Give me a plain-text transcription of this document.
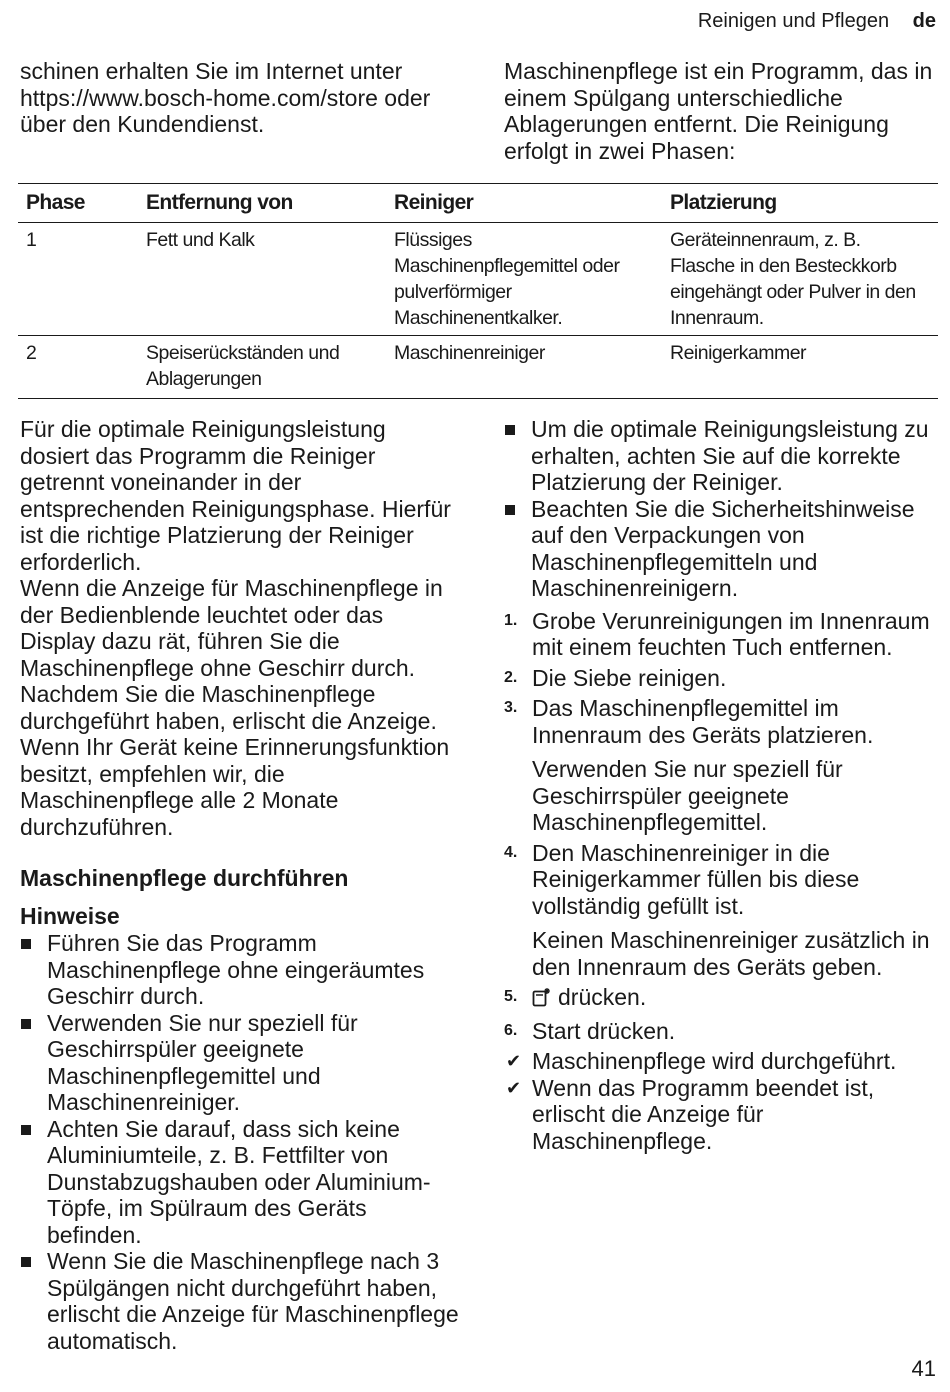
Reinigen und Pflegen de

schinen erhalten Sie im Internet unter https://www.bosch-home.com/store oder über den Kundendienst.

Maschinenpflege ist ein Programm, das in einem Spülgang unterschiedliche Ablagerungen entfernt. Die Reinigung erfolgt in zwei Phasen:

Phase	Entfernung von	Reiniger	Platzierung
1	Fett und Kalk	Flüssiges Maschinenpflegemittel oder pulverförmiger Maschinenentkalker.	Geräteinnenraum, z. B. Flasche in den Besteckkorb eingehängt oder Pulver in den Innenraum.
2	Speiserückständen und Ablagerungen	Maschinenreiniger	Reinigerkammer

Für die optimale Reinigungsleistung dosiert das Programm die Reiniger getrennt voneinander in der entsprechenden Reinigungsphase. Hierfür ist die richtige Platzierung der Reiniger erforderlich.

Wenn die Anzeige für Maschinenpflege in der Bedienblende leuchtet oder das Display dazu rät, führen Sie die Maschinenpflege ohne Geschirr durch. Nachdem Sie die Maschinenpflege durchgeführt haben, erlischt die Anzeige. Wenn Ihr Gerät keine Erinnerungsfunktion besitzt, empfehlen wir, die Maschinenpflege alle 2 Monate durchzuführen.

Maschinenpflege durchführen

Hinweise

Führen Sie das Programm Maschinenpflege ohne eingeräumtes Geschirr durch.
Verwenden Sie nur speziell für Geschirrspüler geeignete Maschinenpflegemittel und Maschinenreiniger.
Achten Sie darauf, dass sich keine Aluminiumteile, z. B. Fettfilter von Dunstabzugshauben oder Aluminium-Töpfe, im Spülraum des Geräts befinden.
Wenn Sie die Maschinenpflege nach 3 Spülgängen nicht durchgeführt haben, erlischt die Anzeige für Maschinenpflege automatisch.
Um die optimale Reinigungsleistung zu erhalten, achten Sie auf die korrekte Platzierung der Reiniger.
Beachten Sie die Sicherheitshinweise auf den Verpackungen von Maschinenpflegemitteln und Maschinenreinigern.
1. Grobe Verunreinigungen im Innenraum mit einem feuchten Tuch entfernen.
2. Die Siebe reinigen.
3. Das Maschinenpflegemittel im Innenraum des Geräts platzieren.
Verwenden Sie nur speziell für Geschirrspüler geeignete Maschinenpflegemittel.
4. Den Maschinenreiniger in die Reinigerkammer füllen bis diese vollständig gefüllt ist.
Keinen Maschinenreiniger zusätzlich in den Innenraum des Geräts geben.
5. drücken.
6. Start drücken.
✔ Maschinenpflege wird durchgeführt.
✔ Wenn das Programm beendet ist, erlischt die Anzeige für Maschinenpflege.
41
